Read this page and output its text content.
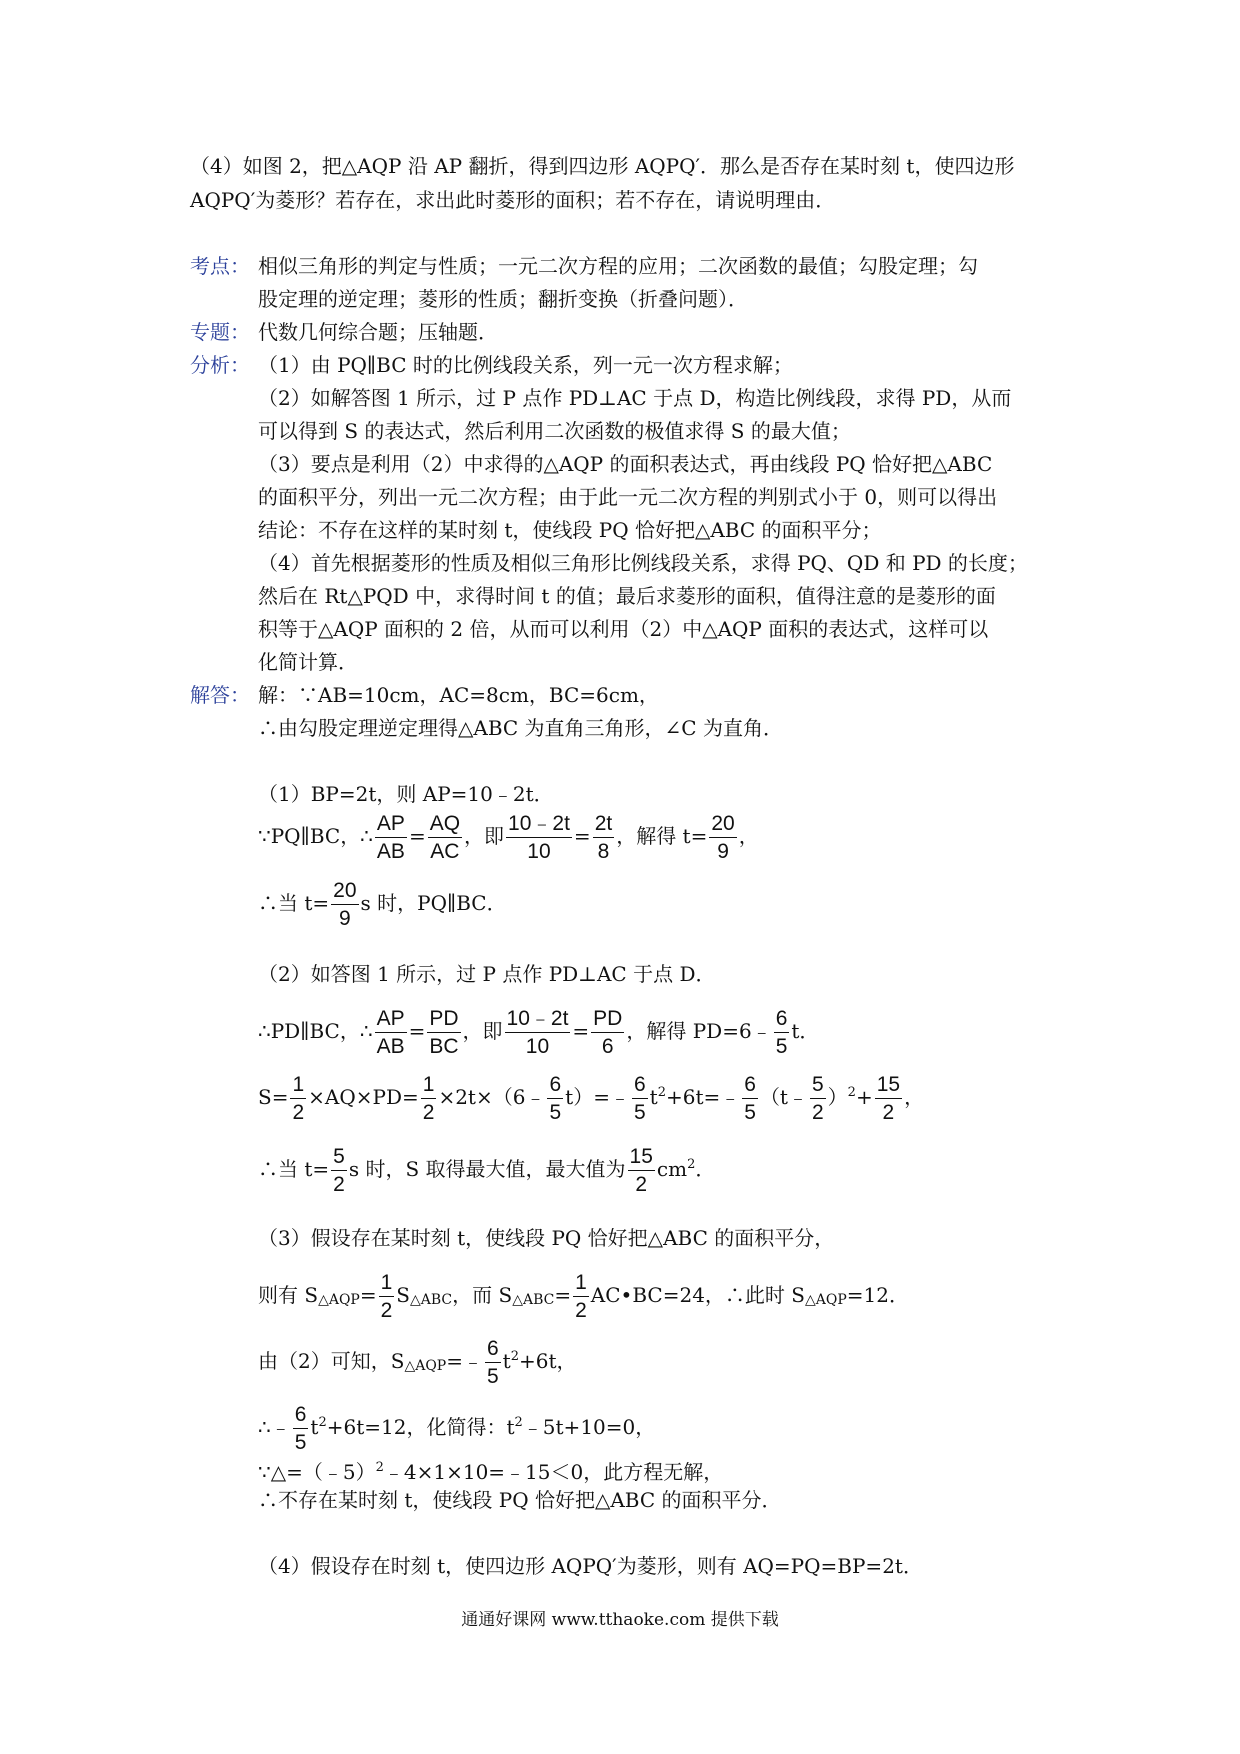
（4）如图 2，把△AQP 沿 AP 翻折，得到四边形 AQPQ′．那么是否存在某时刻 t，使四边形
AQPQ′为菱形？若存在，求出此时菱形的面积；若不存在，请说明理由．
考点： 相似三角形的判定与性质；一元二次方程的应用；二次函数的最值；勾股定理；勾
股定理的逆定理；菱形的性质；翻折变换（折叠问题）．
专题： 代数几何综合题；压轴题．
分析： （1）由 PQ∥BC 时的比例线段关系，列一元一次方程求解；
（2）如解答图 1 所示，过 P 点作 PD⊥AC 于点 D，构造比例线段，求得 PD，从而
可以得到 S 的表达式，然后利用二次函数的极值求得 S 的最大值；
（3）要点是利用（2）中求得的△AQP 的面积表达式，再由线段 PQ 恰好把△ABC
的面积平分，列出一元二次方程；由于此一元二次方程的判别式小于 0，则可以得出
结论：不存在这样的某时刻 t，使线段 PQ 恰好把△ABC 的面积平分；
（4）首先根据菱形的性质及相似三角形比例线段关系，求得 PQ、QD 和 PD 的长度；
然后在 Rt△PQD 中，求得时间 t 的值；最后求菱形的面积，值得注意的是菱形的面
积等于△AQP 面积的 2 倍，从而可以利用（2）中△AQP 面积的表达式，这样可以
化简计算．
解答： 解：∵AB=10cm，AC=8cm，BC=6cm，
∴由勾股定理逆定理得△ABC 为直角三角形，∠C 为直角．
（1）BP=2t，则 AP=10﹣2t．
∵PQ∥BC，∴ $\frac{AP}{AB} = \frac{AQ}{AC}$ ，即 $\frac{10﹣2t}{10} = \frac{2t}{8}$ ，解得 $t= \frac{20}{9}$ ，
∴当 $t= \frac{20}{9}$ s 时，PQ∥BC．
（2）如答图 1 所示，过 P 点作 PD⊥AC 于点 D．
∴PD∥BC，∴ $\frac{AP}{AB} = \frac{PD}{BC}$ ，即 $\frac{10﹣2t}{10} = \frac{PD}{6}$ ，解得 PD=6﹣ $\frac{6}{5}$ t．
$S= \frac{1}{2} \times AQ\times PD= \frac{1}{2}$ ×2t×（6﹣ $\frac{6}{5}$ t）=﹣ $\frac{6}{5}$ $t^2+6t=﹣ \frac{6}{5}$ （t﹣ $\frac{5}{2} )^2+ \frac{15}{2}$ ，
∴当 $t= \frac{5}{2}$ s 时，S 取得最大值，最大值为 $\frac{15}{2} cm^2$．
（3）假设存在某时刻 t，使线段 PQ 恰好把△ABC 的面积平分，
则有 $S_{\triangle AQP}= \frac{1}{2} S_{\triangle ABC}$，而 $S_{\triangle ABC}= \frac{1}{2}$ AC•BC=24，∴此时 $S_{\triangle AQP}=12$．
由（2）可知，$S_{\triangle AQP}=﹣ \frac{6}{5} t^2+6t$，
∴﹣ $\frac{6}{5} t^2+6t=12$，化简得：$t^2﹣5t+10=0$，
∵△=（﹣5）$^2$﹣4×1×10=﹣15＜0，此方程无解，
∴不存在某时刻 t，使线段 PQ 恰好把△ABC 的面积平分．
（4）假设存在时刻 t，使四边形 AQPQ′为菱形，则有 AQ=PQ=BP=2t．
通通好课网 www.tthaoke.com 提供下载
